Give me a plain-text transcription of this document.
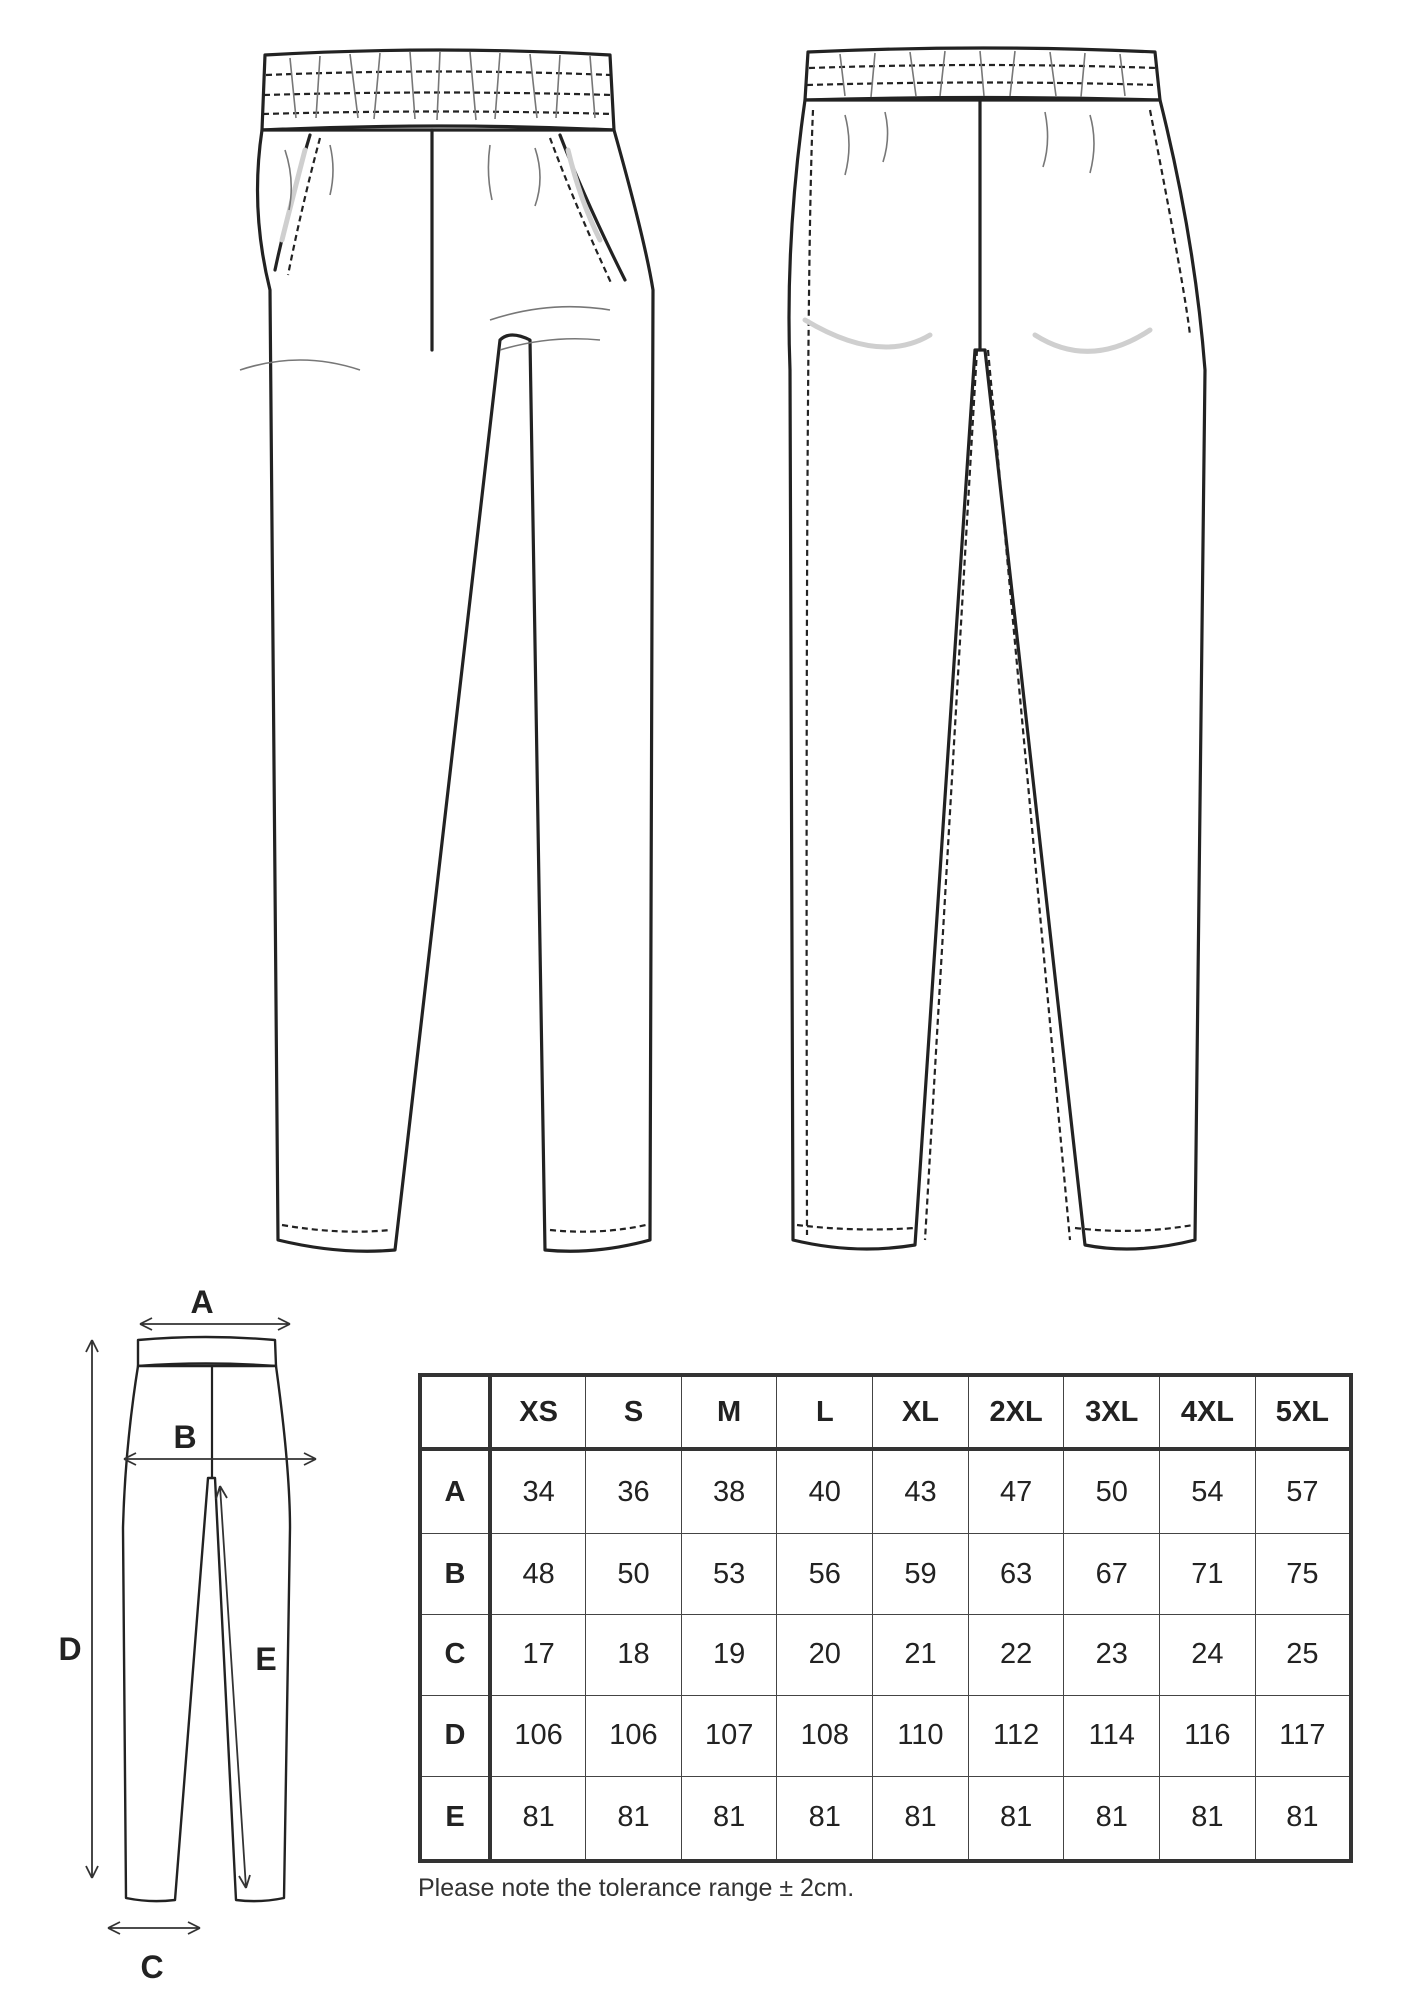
A
B
C
D	E
	XS	S	M	L	XL	2XL	3XL	4XL	5XL
A	34	36	38	40	43	47	50	54	57
B	48	50	53	56	59	63	67	71	75
C	17	18	19	20	21	22	23	24	25
D	106	106	107	108	110	112	114	116	117
E	81	81	81	81	81	81	81	81	81
Please note the tolerance range ± 2cm.
